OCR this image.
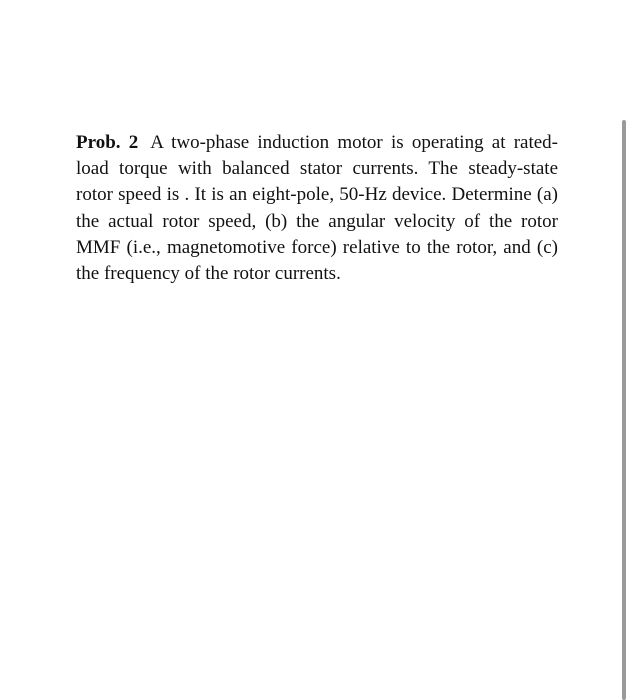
Prob. 2 A two-phase induction motor is operating at rated-load torque with balanced stator currents. The steady-state rotor speed is . It is an eight-pole, 50-Hz device. Determine (a) the actual rotor speed, (b) the angular velocity of the rotor MMF (i.e., magnetomotive force) relative to the rotor, and (c) the frequency of the rotor currents.
